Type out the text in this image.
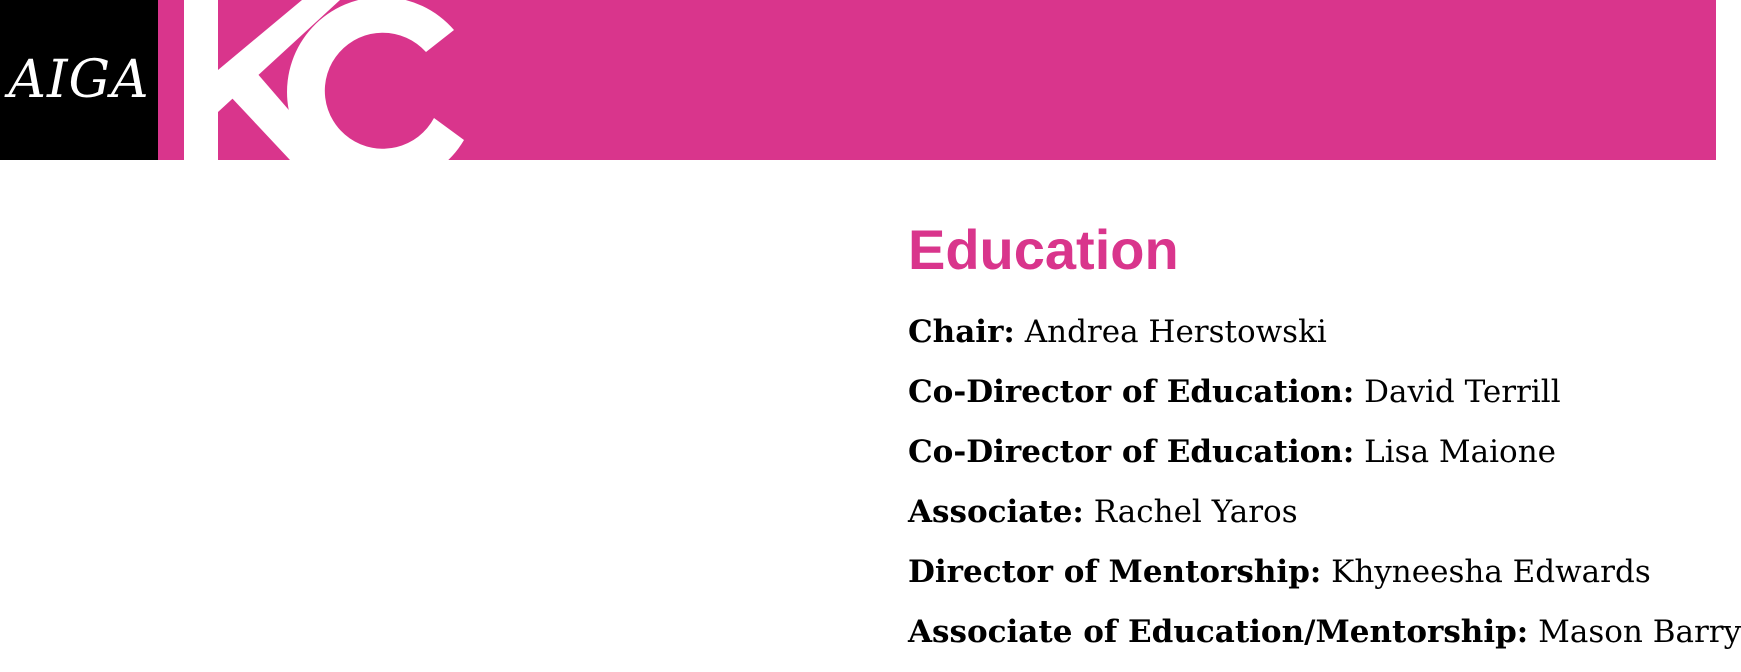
AIGA
Education
Chair: Andrea Herstowski
Co-Director of Education: David Terrill
Co-Director of Education: Lisa Maione
Associate: Rachel Yaros
Director of Mentorship: Khyneesha Edwards
Associate of Education/Mentorship: Mason Barry
